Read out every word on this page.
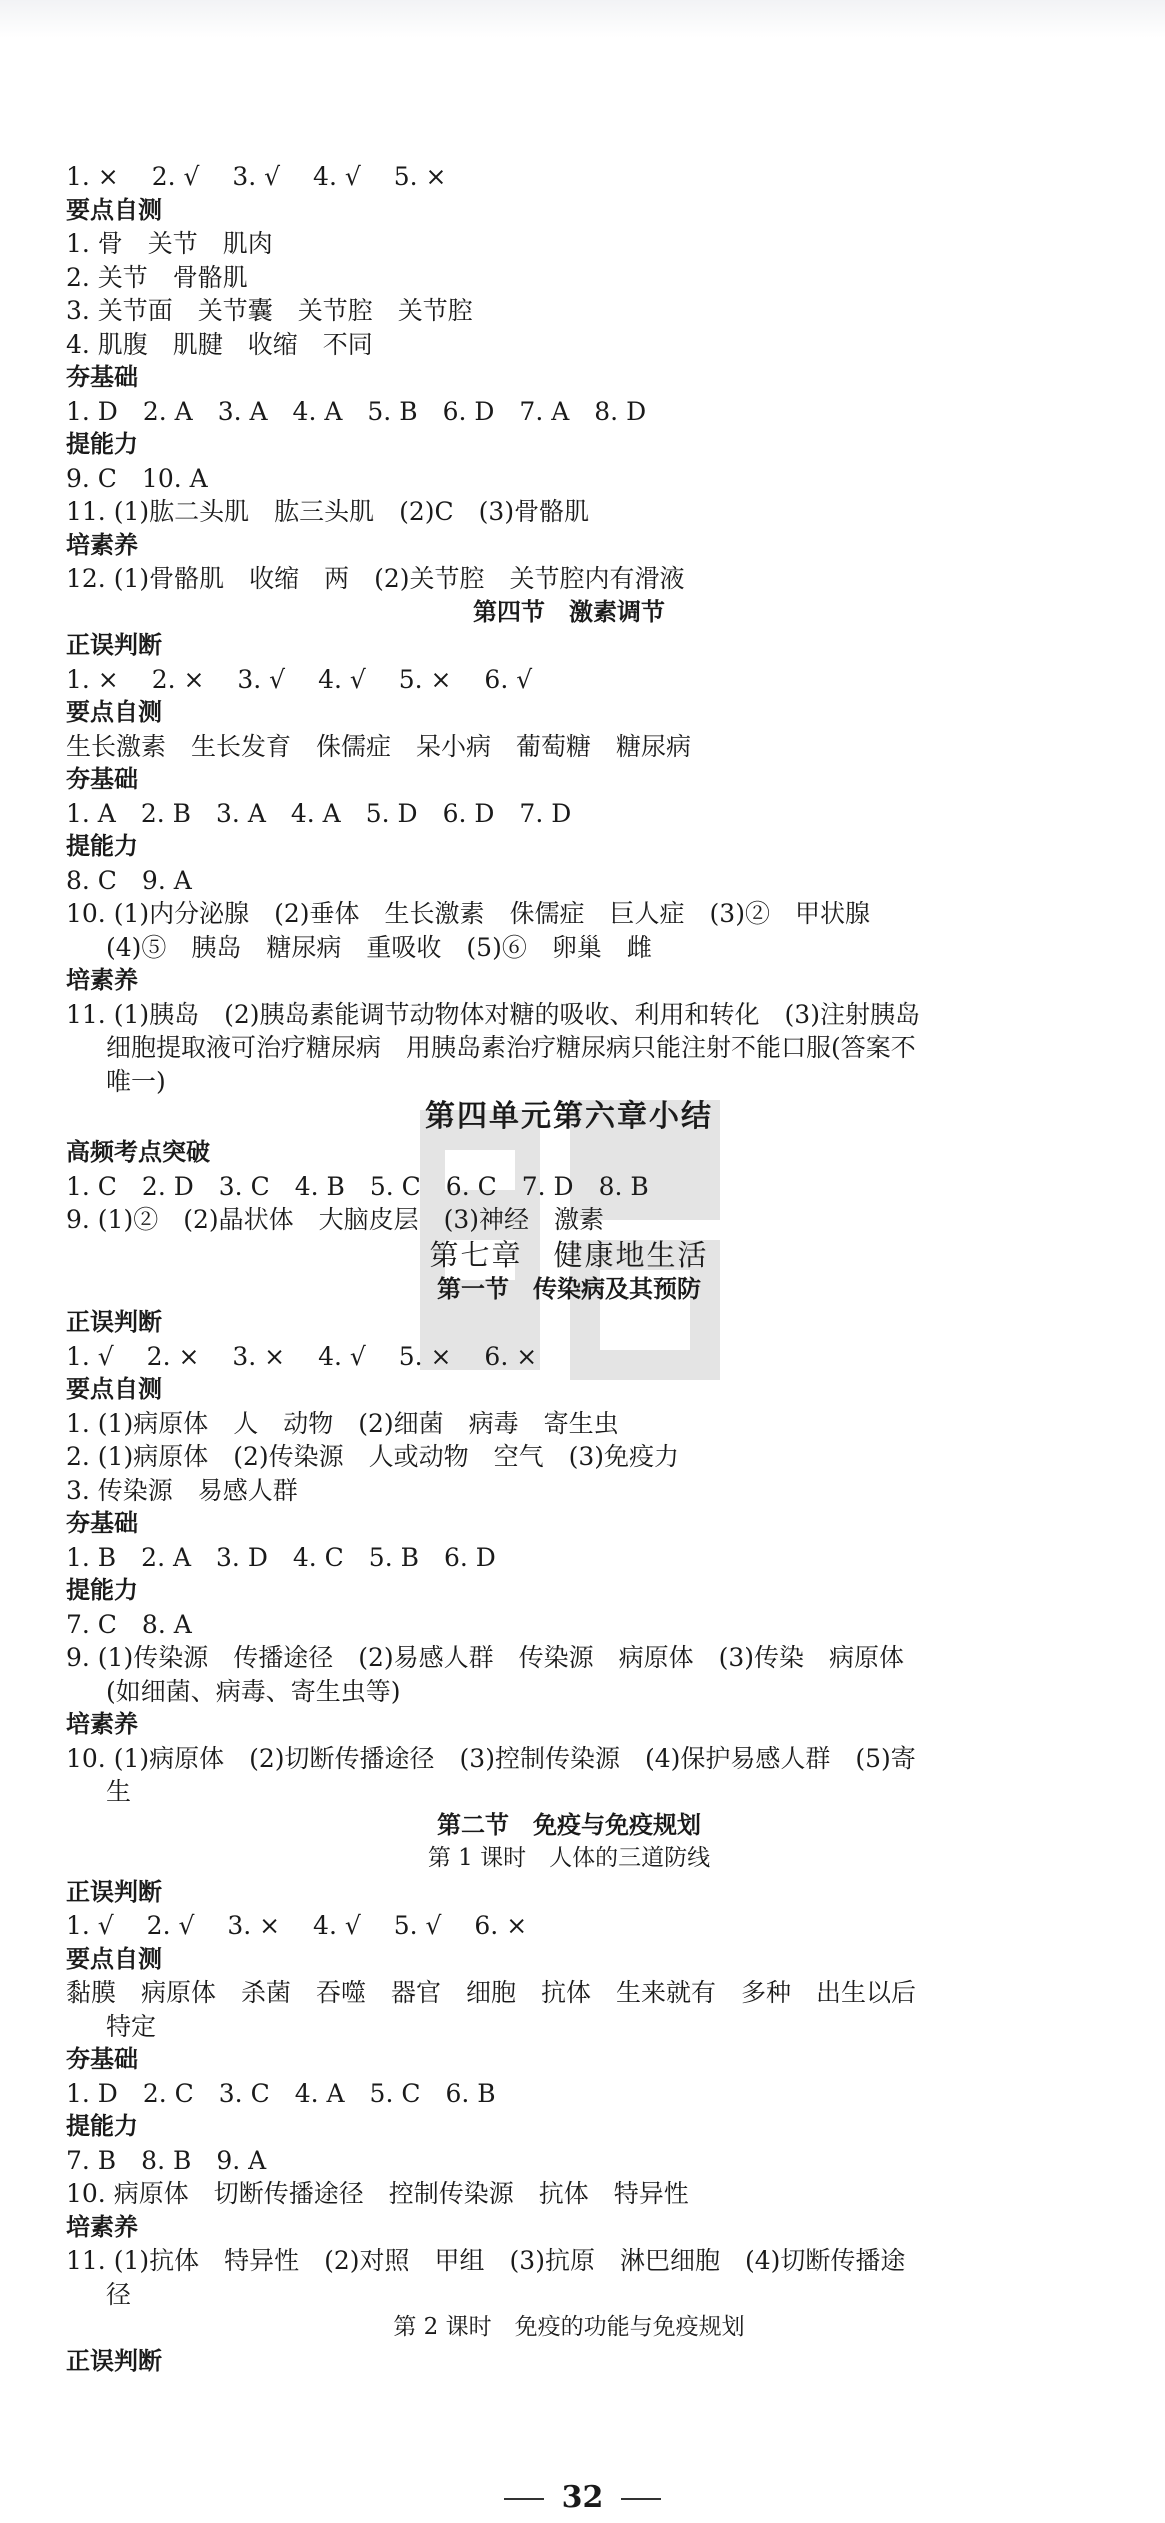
1. ×　 2. √　 3. √　 4. √　 5. ×
要点自测
1. 骨　关节　肌肉
2. 关节　骨骼肌
3. 关节面　关节囊　关节腔　关节腔
4. 肌腹　肌腱　收缩　不同
夯基础
1. D　2. A　3. A　4. A　5. B　6. D　7. A　8. D
提能力
9. C　10. A
11. (1)肱二头肌　肱三头肌　(2)C　(3)骨骼肌
培素养
12. (1)骨骼肌　收缩　两　(2)关节腔　关节腔内有滑液
第四节　激素调节
正误判断
1. ×　 2. ×　 3. √　 4. √　 5. ×　 6. √
要点自测
生长激素　生长发育　侏儒症　呆小病　葡萄糖　糖尿病
夯基础
1. A　2. B　3. A　4. A　5. D　6. D　7. D
提能力
8. C　9. A
10. (1)内分泌腺　(2)垂体　生长激素　侏儒症　巨人症　(3)②　甲状腺
(4)⑤　胰岛　糖尿病　重吸收　(5)⑥　卵巢　雌
培素养
11. (1)胰岛　(2)胰岛素能调节动物体对糖的吸收、利用和转化　(3)注射胰岛
细胞提取液可治疗糖尿病　用胰岛素治疗糖尿病只能注射不能口服(答案不
唯一)
第四单元第六章小结
高频考点突破
1. C　2. D　3. C　4. B　5. C　6. C　7. D　8. B
9. (1)②　(2)晶状体　大脑皮层　(3)神经　激素
第七章　健康地生活
第一节　传染病及其预防
正误判断
1. √　 2. ×　 3. ×　 4. √　 5. ×　 6. ×
要点自测
1. (1)病原体　人　动物　(2)细菌　病毒　寄生虫
2. (1)病原体　(2)传染源　人或动物　空气　(3)免疫力
3. 传染源　易感人群
夯基础
1. B　2. A　3. D　4. C　5. B　6. D
提能力
7. C　8. A
9. (1)传染源　传播途径　(2)易感人群　传染源　病原体　(3)传染　病原体
(如细菌、病毒、寄生虫等)
培素养
10. (1)病原体　(2)切断传播途径　(3)控制传染源　(4)保护易感人群　(5)寄
生
第二节　免疫与免疫规划
第 1 课时　人体的三道防线
正误判断
1. √　 2. √　 3. ×　 4. √　 5. √　 6. ×
要点自测
黏膜　病原体　杀菌　吞噬　器官　细胞　抗体　生来就有　多种　出生以后
特定
夯基础
1. D　2. C　3. C　4. A　5. C　6. B
提能力
7. B　8. B　9. A
10. 病原体　切断传播途径　控制传染源　抗体　特异性
培素养
11. (1)抗体　特异性　(2)对照　甲组　(3)抗原　淋巴细胞　(4)切断传播途
径
第 2 课时　免疫的功能与免疫规划
正误判断
32
